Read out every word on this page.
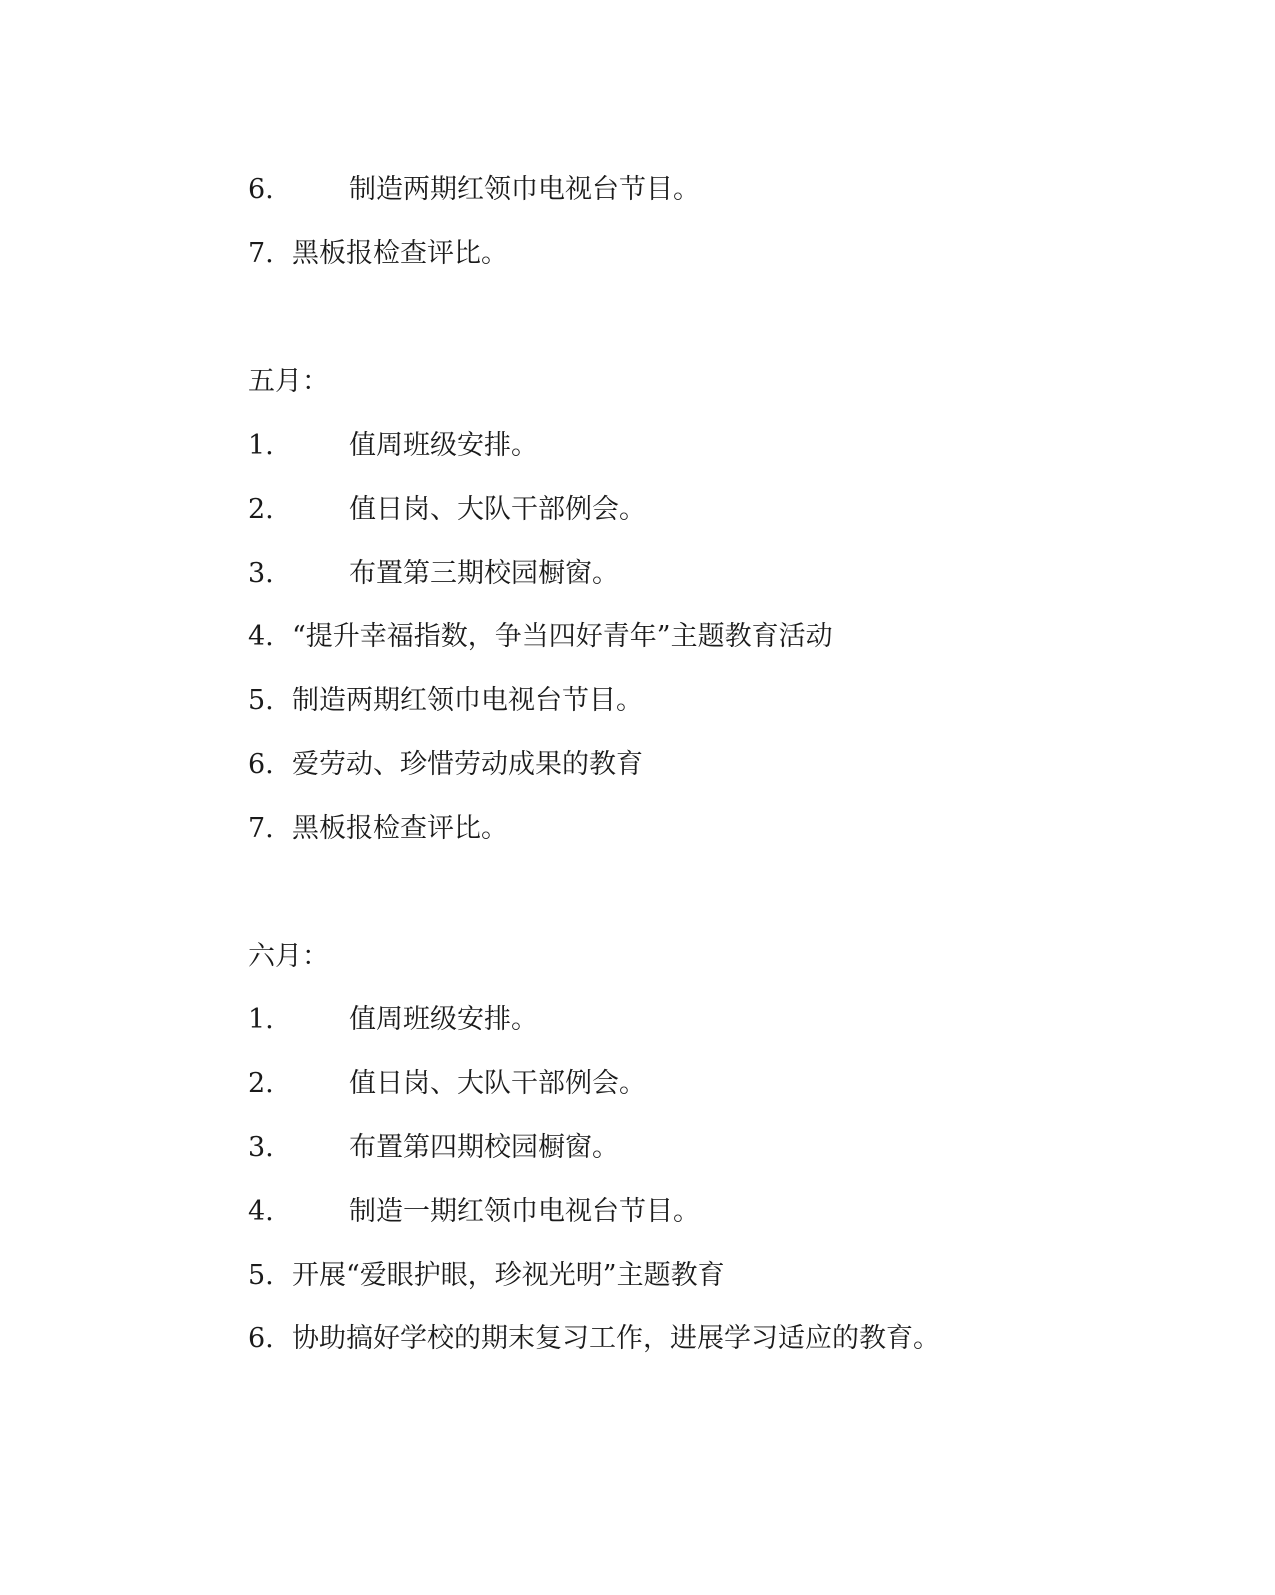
6.	制造两期红领巾电视台节目。
7. 黑板报检查评比。
五月：
1.	值周班级安排。
2.	值日岗、大队干部例会。
3.	布置第三期校园橱窗。
4. “提升幸福指数，争当四好青年”主题教育活动
5. 制造两期红领巾电视台节目。
6. 爱劳动、珍惜劳动成果的教育
7. 黑板报检查评比。
六月：
1.	值周班级安排。
2.	值日岗、大队干部例会。
3.	布置第四期校园橱窗。
4.	制造一期红领巾电视台节目。
5. 开展“爱眼护眼，珍视光明”主题教育
6. 协助搞好学校的期末复习工作，进展学习适应的教育。
